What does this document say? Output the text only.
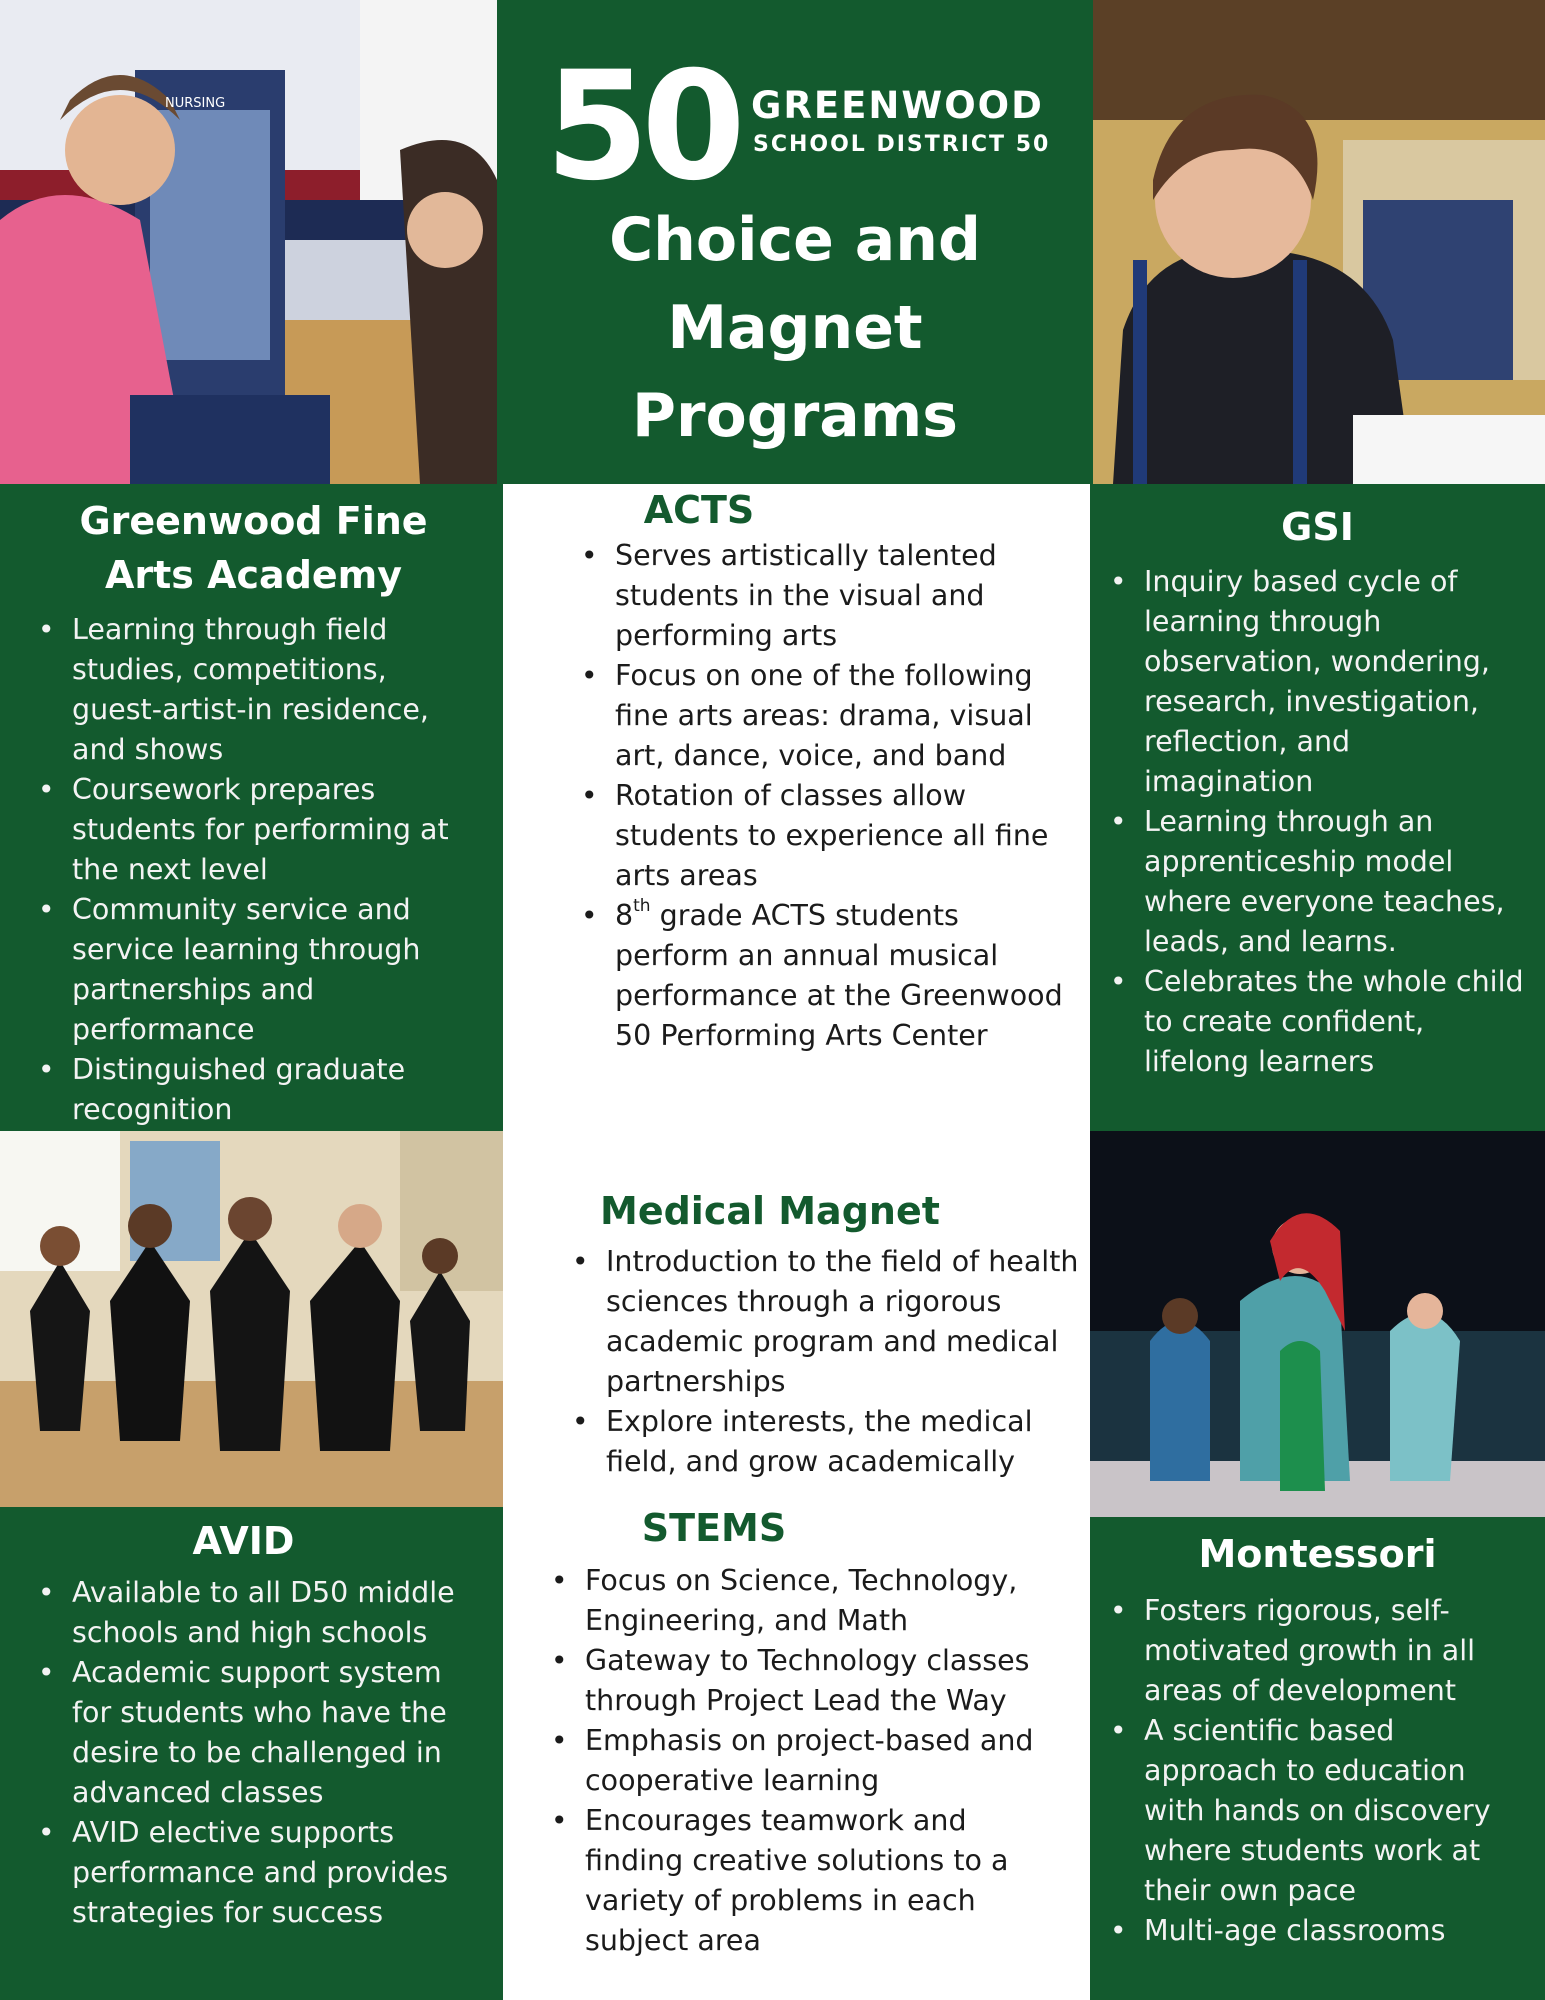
NURSING 50 GREENWOOD
SCHOOL DISTRICT 50
Choice and
Magnet
Programs
Greenwood Fine
Arts Academy
• Learning through field studies, competitions, guest-artist-in residence, and shows
• Coursework prepares students for performing at the next level
• Community service and service learning through partnerships and performance
• Distinguished graduate recognition
ACTS
• Serves artistically talented students in the visual and performing arts
• Focus on one of the following fine arts areas: drama, visual art, dance, voice, and band
• Rotation of classes allow students to experience all fine arts areas
• 8th grade ACTS students perform an annual musical performance at the Greenwood 50 Performing Arts Center
GSI
• Inquiry based cycle of learning through observation, wondering, research, investigation, reflection, and imagination
• Learning through an apprenticeship model where everyone teaches, leads, and learns.
• Celebrates the whole child to create confident, lifelong learners
Medical Magnet
• Introduction to the field of health sciences through a rigorous academic program and medical partnerships
• Explore interests, the medical field, and grow academically
AVID
• Available to all D50 middle schools and high schools
• Academic support system for students who have the desire to be challenged in advanced classes
• AVID elective supports performance and provides strategies for success
STEMS
• Focus on Science, Technology, Engineering, and Math
• Gateway to Technology classes through Project Lead the Way
• Emphasis on project-based and cooperative learning
• Encourages teamwork and finding creative solutions to a variety of problems in each subject area
Montessori
• Fosters rigorous, self-motivated growth in all areas of development
• A scientific based approach to education with hands on discovery where students work at their own pace
• Multi-age classrooms
